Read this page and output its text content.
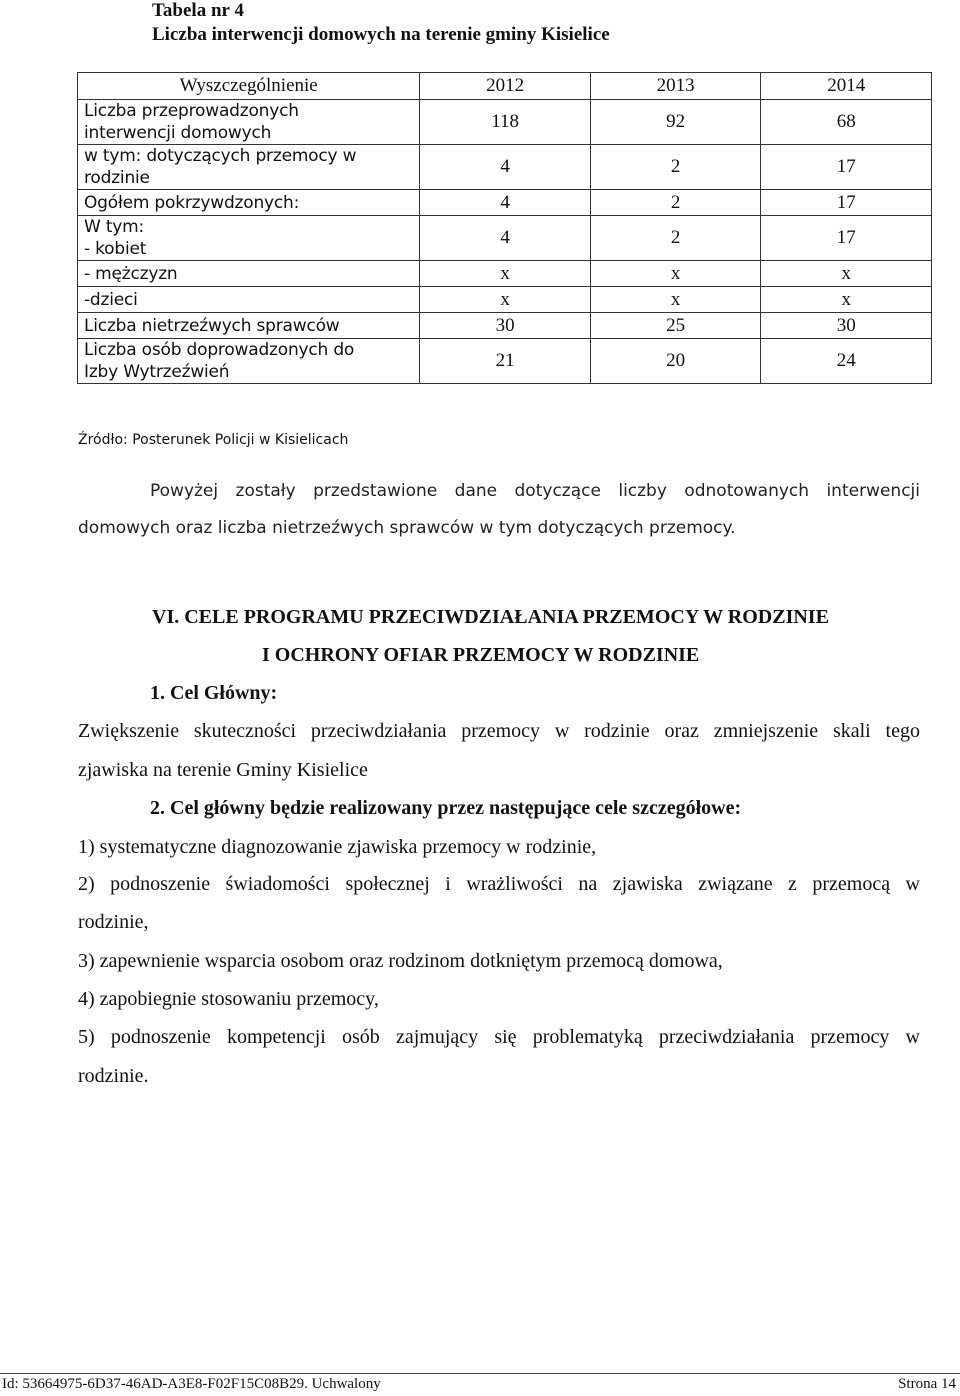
Tabela nr 4
Liczba interwencji domowych na terenie gminy Kisielice
Wyszczególnienie	2012	2013	2014

Liczba przeprowadzonych
interwencji domowych	118	92	68

w tym: dotyczących przemocy w
rodzinie	4	2	17

Ogółem pokrzywdzonych:	4	2	17

W tym:
- kobiet	4	2	17

- mężczyzn	x	x	x

-dzieci	x	x	x

Liczba nietrzeźwych sprawców	30	25	30

Liczba osób doprowadzonych do
Izby Wytrzeźwień	21	20	24
Źródło: Posterunek Policji w Kisielicach
Powyżej zostały przedstawione dane dotyczące liczby odnotowanych interwencji
domowych oraz liczba nietrzeźwych sprawców w tym dotyczących przemocy.
VI. CELE PROGRAMU PRZECIWDZIAŁANIA PRZEMOCY W RODZINIE
I OCHRONY OFIAR PRZEMOCY W RODZINIE
1. Cel Główny:
Zwiększenie skuteczności przeciwdziałania przemocy w rodzinie oraz zmniejszenie skali tego
zjawiska na terenie Gminy Kisielice
2. Cel główny będzie realizowany przez następujące cele szczegółowe:
1) systematyczne diagnozowanie zjawiska przemocy w rodzinie,
2) podnoszenie świadomości społecznej i wrażliwości na zjawiska związane z przemocą w
rodzinie,
3) zapewnienie wsparcia osobom oraz rodzinom dotkniętym przemocą domowa,
4) zapobiegnie stosowaniu przemocy,
5) podnoszenie kompetencji osób zajmujący się problematyką przeciwdziałania przemocy w
rodzinie.
Id: 53664975-6D37-46AD-A3E8-F02F15C08B29. Uchwalony	Strona 14
